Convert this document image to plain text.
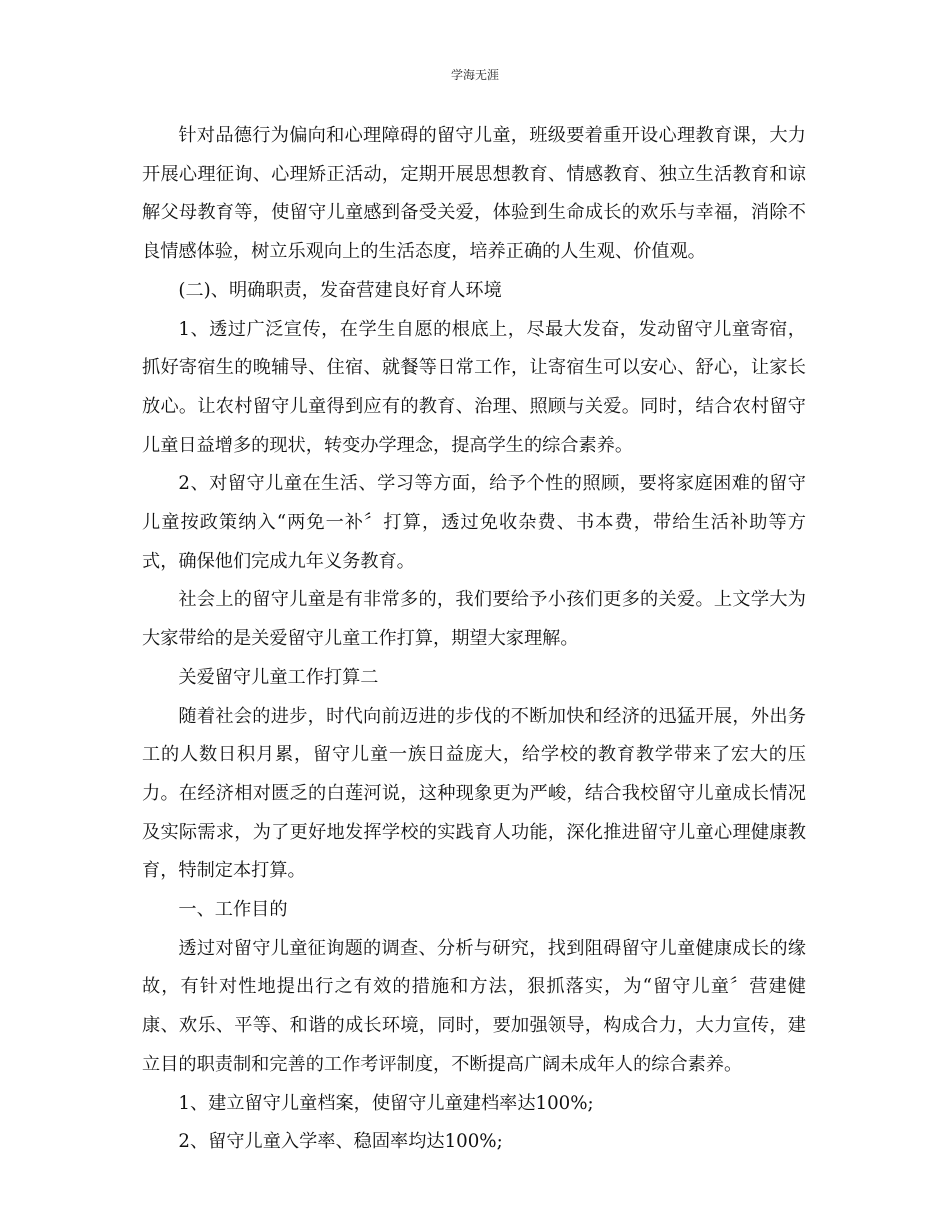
学海无涯

针对品德行为偏向和心理障碍的留守儿童，班级要着重开设心理教育课，大力开展心理征询、心理矫正活动，定期开展思想教育、情感教育、独立生活教育和谅解父母教育等，使留守儿童感到备受关爱，体验到生命成长的欢乐与幸福，消除不良情感体验，树立乐观向上的生活态度，培养正确的人生观、价值观。

(二)、明确职责，发奋营建良好育人环境

1、透过广泛宣传，在学生自愿的根底上，尽最大发奋，发动留守儿童寄宿，抓好寄宿生的晚辅导、住宿、就餐等日常工作，让寄宿生可以安心、舒心，让家长放心。让农村留守儿童得到应有的教育、治理、照顾与关爱。同时，结合农村留守儿童日益增多的现状，转变办学理念，提高学生的综合素养。

2、对留守儿童在生活、学习等方面，给予个性的照顾，要将家庭困难的留守儿童按政策纳入“两免一补〞打算，透过免收杂费、书本费，带给生活补助等方式，确保他们完成九年义务教育。

社会上的留守儿童是有非常多的，我们要给予小孩们更多的关爱。上文学大为大家带给的是关爱留守儿童工作打算，期望大家理解。

关爱留守儿童工作打算二

随着社会的进步，时代向前迈进的步伐的不断加快和经济的迅猛开展，外出务工的人数日积月累，留守儿童一族日益庞大，给学校的教育教学带来了宏大的压力。在经济相对匮乏的白莲河说，这种现象更为严峻，结合我校留守儿童成长情况及实际需求，为了更好地发挥学校的实践育人功能，深化推进留守儿童心理健康教育，特制定本打算。

一、工作目的

透过对留守儿童征询题的调查、分析与研究，找到阻碍留守儿童健康成长的缘故，有针对性地提出行之有效的措施和方法，狠抓落实，为“留守儿童〞营建健康、欢乐、平等、和谐的成长环境，同时，要加强领导，构成合力，大力宣传，建立目的职责制和完善的工作考评制度，不断提高广阔未成年人的综合素养。

1、建立留守儿童档案，使留守儿童建档率达100%;

2、留守儿童入学率、稳固率均达100%;
